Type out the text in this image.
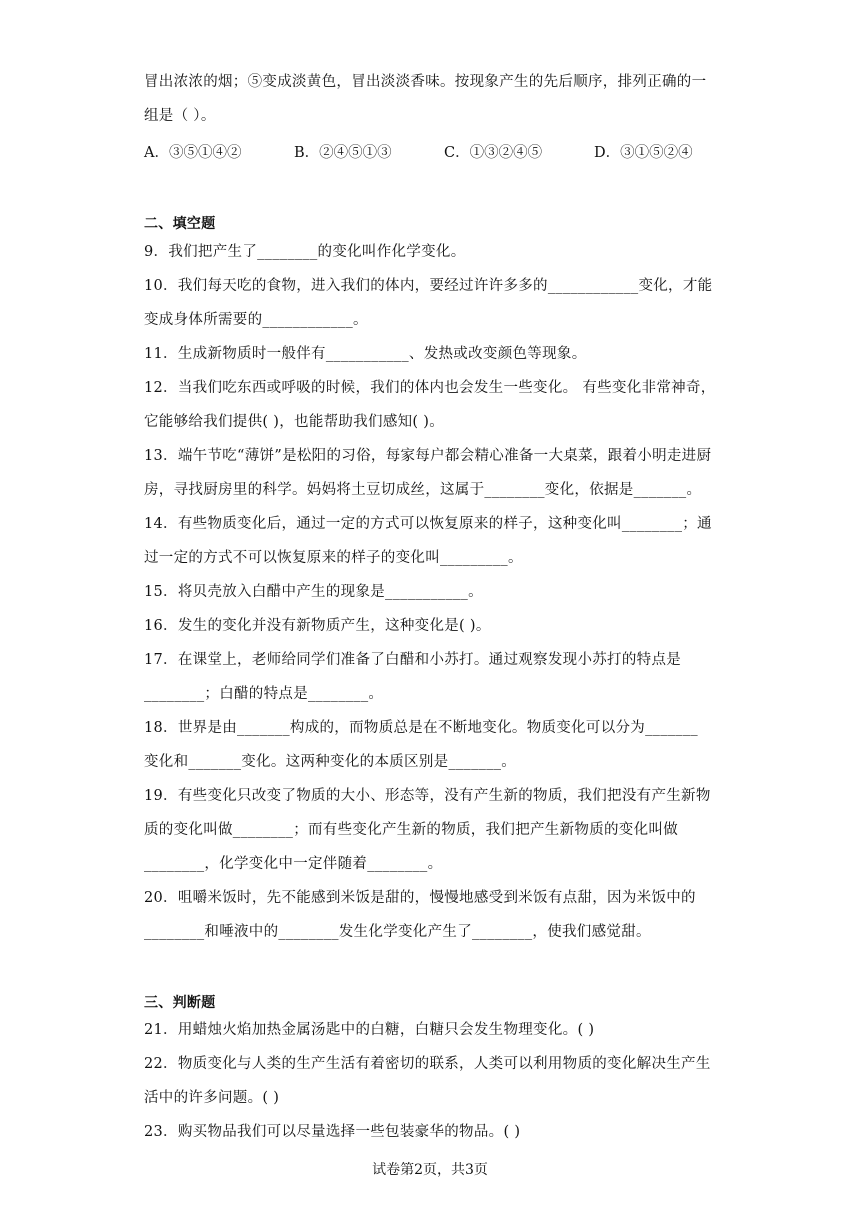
冒出浓浓的烟；⑤变成淡黄色，冒出淡淡香味。按现象产生的先后顺序，排列正确的一
组是（ ）。
A．③⑤①④②	B．②④⑤①③	C．①③②④⑤	D．③①⑤②④
二、填空题
9．我们把产生了________的变化叫作化学变化。
10．我们每天吃的食物，进入我们的体内，要经过许许多多的____________变化，才能
变成身体所需要的____________。
11．生成新物质时一般伴有___________、发热或改变颜色等现象。
12．当我们吃东西或呼吸的时候，我们的体内也会发生一些变化。 有些变化非常神奇，
它能够给我们提供( )，也能帮助我们感知( )。
13．端午节吃“薄饼”是松阳的习俗，每家每户都会精心准备一大桌菜，跟着小明走进厨
房，寻找厨房里的科学。妈妈将土豆切成丝，这属于________变化，依据是_______。
14．有些物质变化后，通过一定的方式可以恢复原来的样子，这种变化叫________；通
过一定的方式不可以恢复原来的样子的变化叫_________。
15．将贝壳放入白醋中产生的现象是___________。
16．发生的变化并没有新物质产生，这种变化是( )。
17．在课堂上，老师给同学们准备了白醋和小苏打。通过观察发现小苏打的特点是
________；白醋的特点是________。
18．世界是由_______构成的，而物质总是在不断地变化。物质变化可以分为_______
变化和_______变化。这两种变化的本质区别是_______。
19．有些变化只改变了物质的大小、形态等，没有产生新的物质，我们把没有产生新物
质的变化叫做________；而有些变化产生新的物质，我们把产生新物质的变化叫做
________，化学变化中一定伴随着________。
20．咀嚼米饭时，先不能感到米饭是甜的，慢慢地感受到米饭有点甜，因为米饭中的
________和唾液中的________发生化学变化产生了________，使我们感觉甜。
三、判断题
21．用蜡烛火焰加热金属汤匙中的白糖，白糖只会发生物理变化。( )
22．物质变化与人类的生产生活有着密切的联系，人类可以利用物质的变化解决生产生
活中的许多问题。( )
23．购买物品我们可以尽量选择一些包装豪华的物品。( )
试卷第2页，共3页
